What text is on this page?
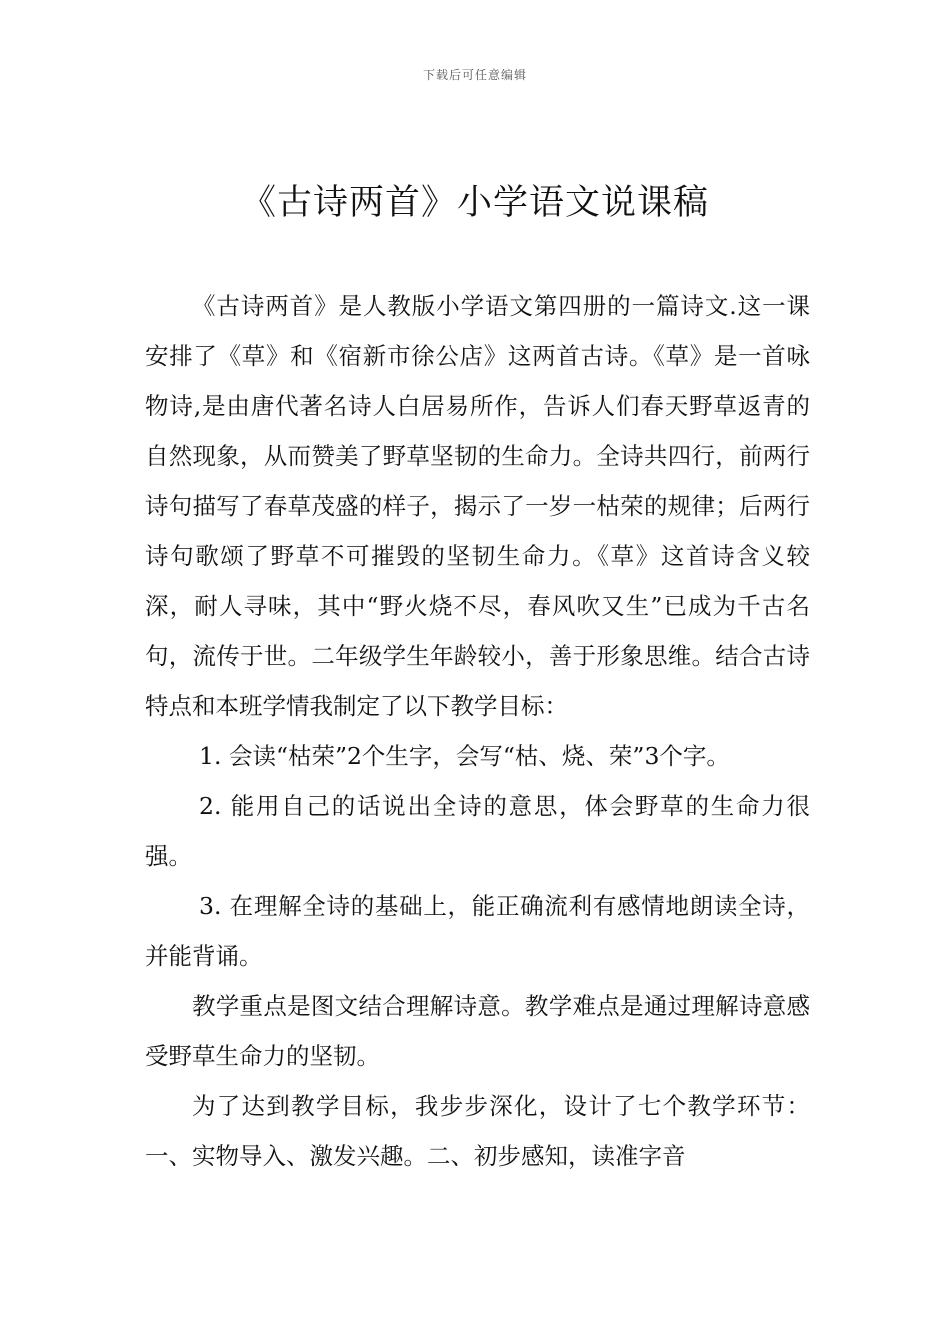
下载后可任意编辑
《古诗两首》小学语文说课稿

《古诗两首》是人教版小学语文第四册的一篇诗文.这一课安排了《草》和《宿新市徐公店》这两首古诗。《草》是一首咏物诗,是由唐代著名诗人白居易所作，告诉人们春天野草返青的自然现象，从而赞美了野草坚韧的生命力。全诗共四行，前两行诗句描写了春草茂盛的样子，揭示了一岁一枯荣的规律；后两行诗句歌颂了野草不可摧毁的坚韧生命力。《草》这首诗含义较深，耐人寻味，其中“野火烧不尽，春风吹又生”已成为千古名句，流传于世。二年级学生年龄较小，善于形象思维。结合古诗特点和本班学情我制定了以下教学目标：

1. 会读“枯荣”2个生字，会写“枯、烧、荣”3个字。

2. 能用自己的话说出全诗的意思，体会野草的生命力很强。

3. 在理解全诗的基础上，能正确流利有感情地朗读全诗，并能背诵。

教学重点是图文结合理解诗意。教学难点是通过理解诗意感受野草生命力的坚韧。

为了达到教学目标，我步步深化，设计了七个教学环节：一、实物导入、激发兴趣。二、初步感知，读准字音
